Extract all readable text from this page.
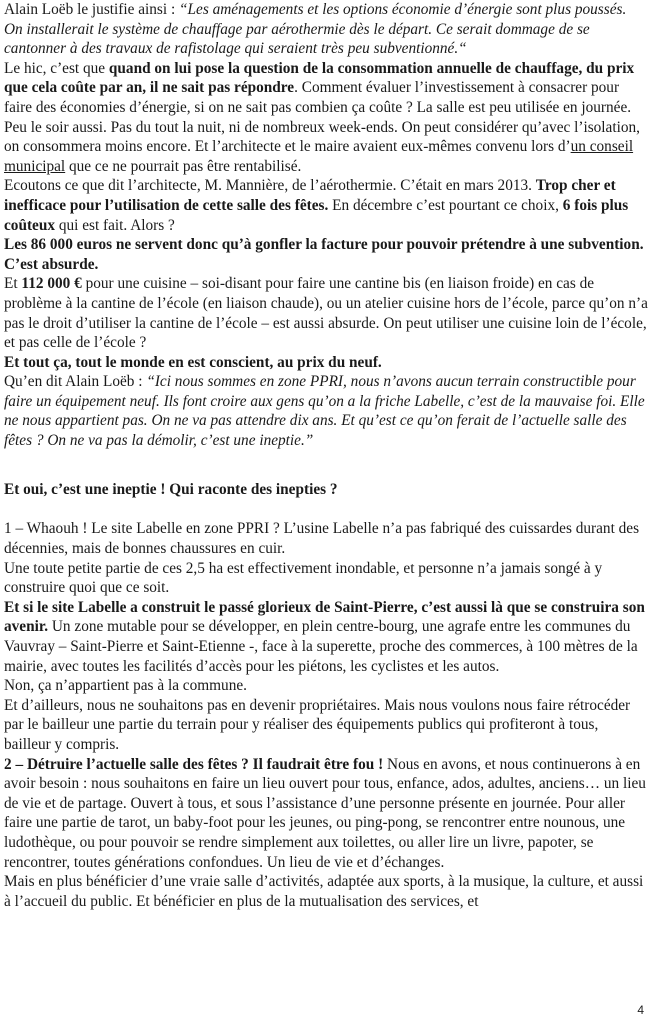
Alain Loëb le justifie ainsi : “Les aménagements et les options économie d’énergie sont plus poussés. On installerait le système de chauffage par aérothermie dès le départ. Ce serait dommage de se cantonner à des travaux de rafistolage qui seraient très peu subventionné.“

Le hic, c’est que quand on lui pose la question de la consommation annuelle de chauffage, du prix que cela coûte par an, il ne sait pas répondre. Comment évaluer l’investissement à consacrer pour faire des économies d’énergie, si on ne sait pas combien ça coûte ? La salle est peu utilisée en journée. Peu le soir aussi. Pas du tout la nuit, ni de nombreux week-ends. On peut considérer qu’avec l’isolation, on consommera moins encore. Et l’architecte et le maire avaient eux-mêmes convenu lors d’un conseil municipal que ce ne pourrait pas être rentabilisé.

Ecoutons ce que dit l’architecte, M. Mannière, de l’aérothermie. C’était en mars 2013. Trop cher et inefficace pour l’utilisation de cette salle des fêtes. En décembre c’est pourtant ce choix, 6 fois plus coûteux qui est fait. Alors ?

Les 86 000 euros ne servent donc qu’à gonfler la facture pour pouvoir prétendre à une subvention. C’est absurde.

Et 112 000 € pour une cuisine – soi-disant pour faire une cantine bis (en liaison froide) en cas de problème à la cantine de l’école (en liaison chaude), ou un atelier cuisine hors de l’école, parce qu’on n’a pas le droit d’utiliser la cantine de l’école – est aussi absurde. On peut utiliser une cuisine loin de l’école, et pas celle de l’école ?

Et tout ça, tout le monde en est conscient, au prix du neuf.

Qu’en dit Alain Loëb : “Ici nous sommes en zone PPRI, nous n’avons aucun terrain constructible pour faire un équipement neuf. Ils font croire aux gens qu’on a la friche Labelle, c’est de la mauvaise foi. Elle ne nous appartient pas. On ne va pas attendre dix ans. Et qu’est ce qu’on ferait de l’actuelle salle des fêtes ? On ne va pas la démolir, c’est une ineptie.”

Et oui, c’est une ineptie ! Qui raconte des inepties ?

1 – Whaouh ! Le site Labelle en zone PPRI ? L’usine Labelle n’a pas fabriqué des cuissardes durant des décennies, mais de bonnes chaussures en cuir.

Une toute petite partie de ces 2,5 ha est effectivement inondable, et personne n’a jamais songé à y construire quoi que ce soit.

Et si le site Labelle a construit le passé glorieux de Saint-Pierre, c’est aussi là que se construira son avenir. Un zone mutable pour se développer, en plein centre-bourg, une agrafe entre les communes du Vauvray – Saint-Pierre et Saint-Etienne -, face à la superette, proche des commerces, à 100 mètres de la mairie, avec toutes les facilités d’accès pour les piétons, les cyclistes et les autos.

Non, ça n’appartient pas à la commune.

Et d’ailleurs, nous ne souhaitons pas en devenir propriétaires. Mais nous voulons nous faire rétrocéder par le bailleur une partie du terrain pour y réaliser des équipements publics qui profiteront à tous, bailleur y compris.

2 – Détruire l’actuelle salle des fêtes ? Il faudrait être fou ! Nous en avons, et nous continuerons à en avoir besoin : nous souhaitons en faire un lieu ouvert pour tous, enfance, ados, adultes, anciens… un lieu de vie et de partage. Ouvert à tous, et sous l’assistance d’une personne présente en journée. Pour aller faire une partie de tarot, un baby-foot pour les jeunes, ou ping-pong, se rencontrer entre nounous, une ludothèque, ou pour pouvoir se rendre simplement aux toilettes, ou aller lire un livre, papoter, se rencontrer, toutes générations confondues. Un lieu de vie et d’échanges.

Mais en plus bénéficier d’une vraie salle d’activités, adaptée aux sports, à la musique, la culture, et aussi à l’accueil du public. Et bénéficier en plus de la mutualisation des services, et

4
